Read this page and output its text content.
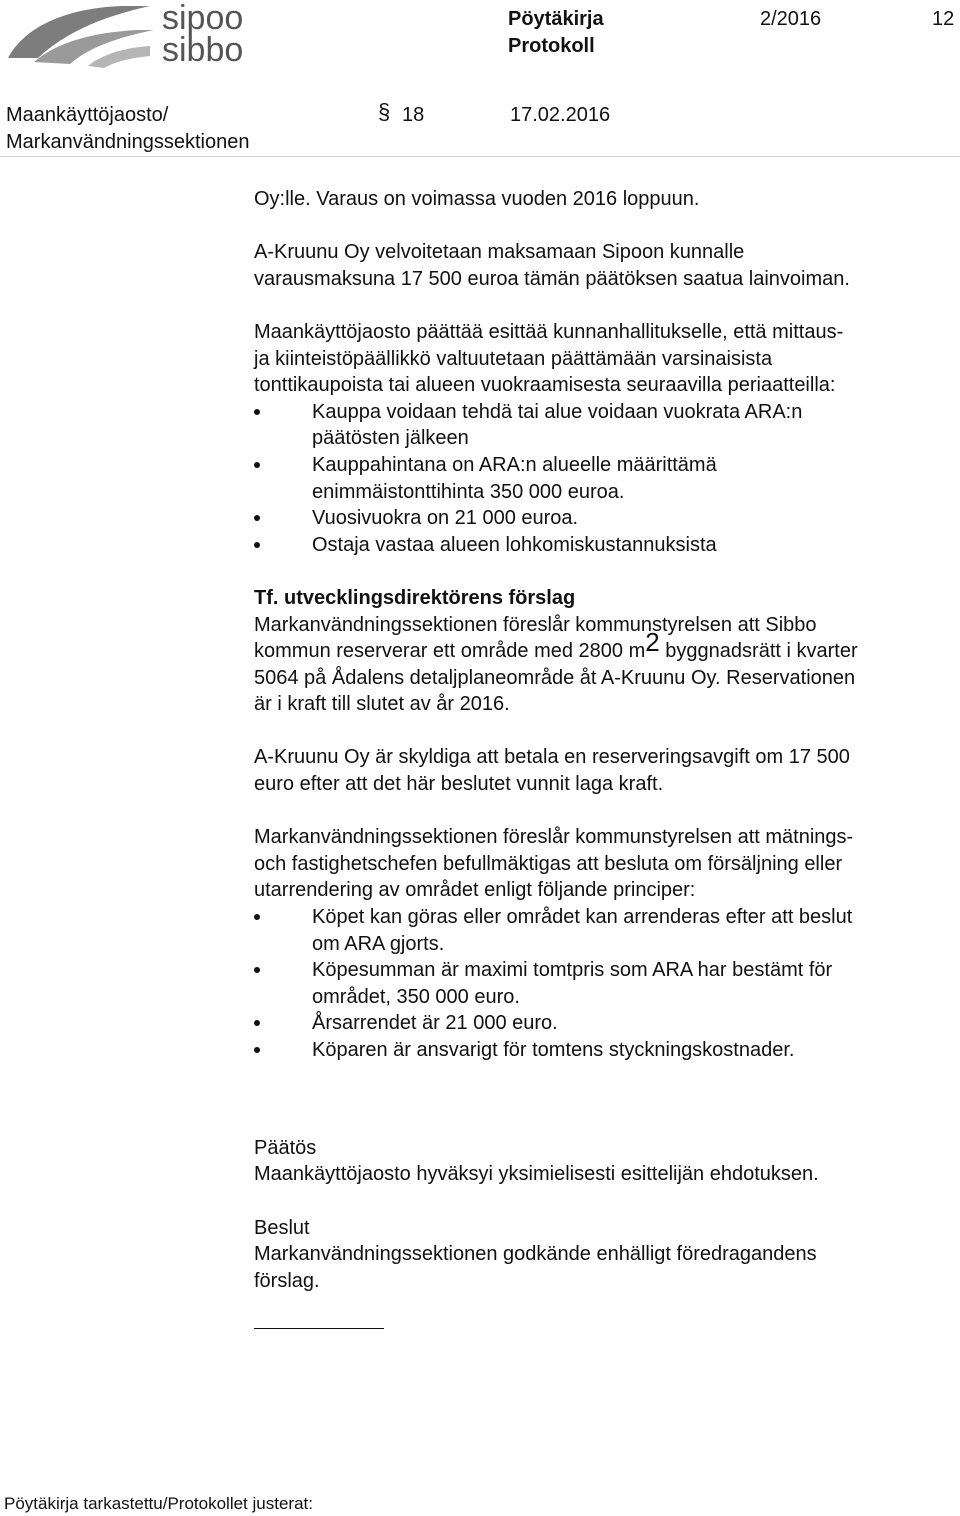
sipoo
sibbo
Pöytäkirja
Protokoll
2/2016	12
Maankäyttöjaosto/
Markanvändningssektionen
§ 18	17.02.2016

Oy:lle. Varaus on voimassa vuoden 2016 loppuun.

A-Kruunu Oy velvoitetaan maksamaan Sipoon kunnalle
varausmaksuna 17 500 euroa tämän päätöksen saatua lainvoiman.

Maankäyttöjaosto päättää esittää kunnanhallitukselle, että mittaus-
ja kiinteistöpäällikkö valtuutetaan päättämään varsinaisista
tonttikaupoista tai alueen vuokraamisesta seuraavilla periaatteilla:

Kauppa voidaan tehdä tai alue voidaan vuokrata ARA:n
päätösten jälkeen
Kauppahintana on ARA:n alueelle määrittämä
enimmäistonttihinta 350 000 euroa.
Vuosivuokra on 21 000 euroa.
Ostaja vastaa alueen lohkomiskustannuksista

Tf. utvecklingsdirektörens förslag

Markanvändningssektionen föreslår kommunstyrelsen att Sibbo
kommun reserverar ett område med 2800 m2 byggnadsrätt i kvarter
5064 på Ådalens detaljplaneområde åt A-Kruunu Oy. Reservationen
är i kraft till slutet av år 2016.

A-Kruunu Oy är skyldiga att betala en reserveringsavgift om 17 500
euro efter att det här beslutet vunnit laga kraft.

Markanvändningssektionen föreslår kommunstyrelsen att mätnings-
och fastighetschefen befullmäktigas att besluta om försäljning eller
utarrendering av området enligt följande principer:

Köpet kan göras eller området kan arrenderas efter att beslut
om ARA gjorts.
Köpesumman är maximi tomtpris som ARA har bestämt för
området, 350 000 euro.
Årsarrendet är 21 000 euro.
Köparen är ansvarigt för tomtens styckningskostnader.

Päätös

Maankäyttöjaosto hyväksyi yksimielisesti esittelijän ehdotuksen.

Beslut

Markanvändningssektionen godkände enhälligt föredragandens
förslag.

Pöytäkirja tarkastettu/Protokollet justerat:
